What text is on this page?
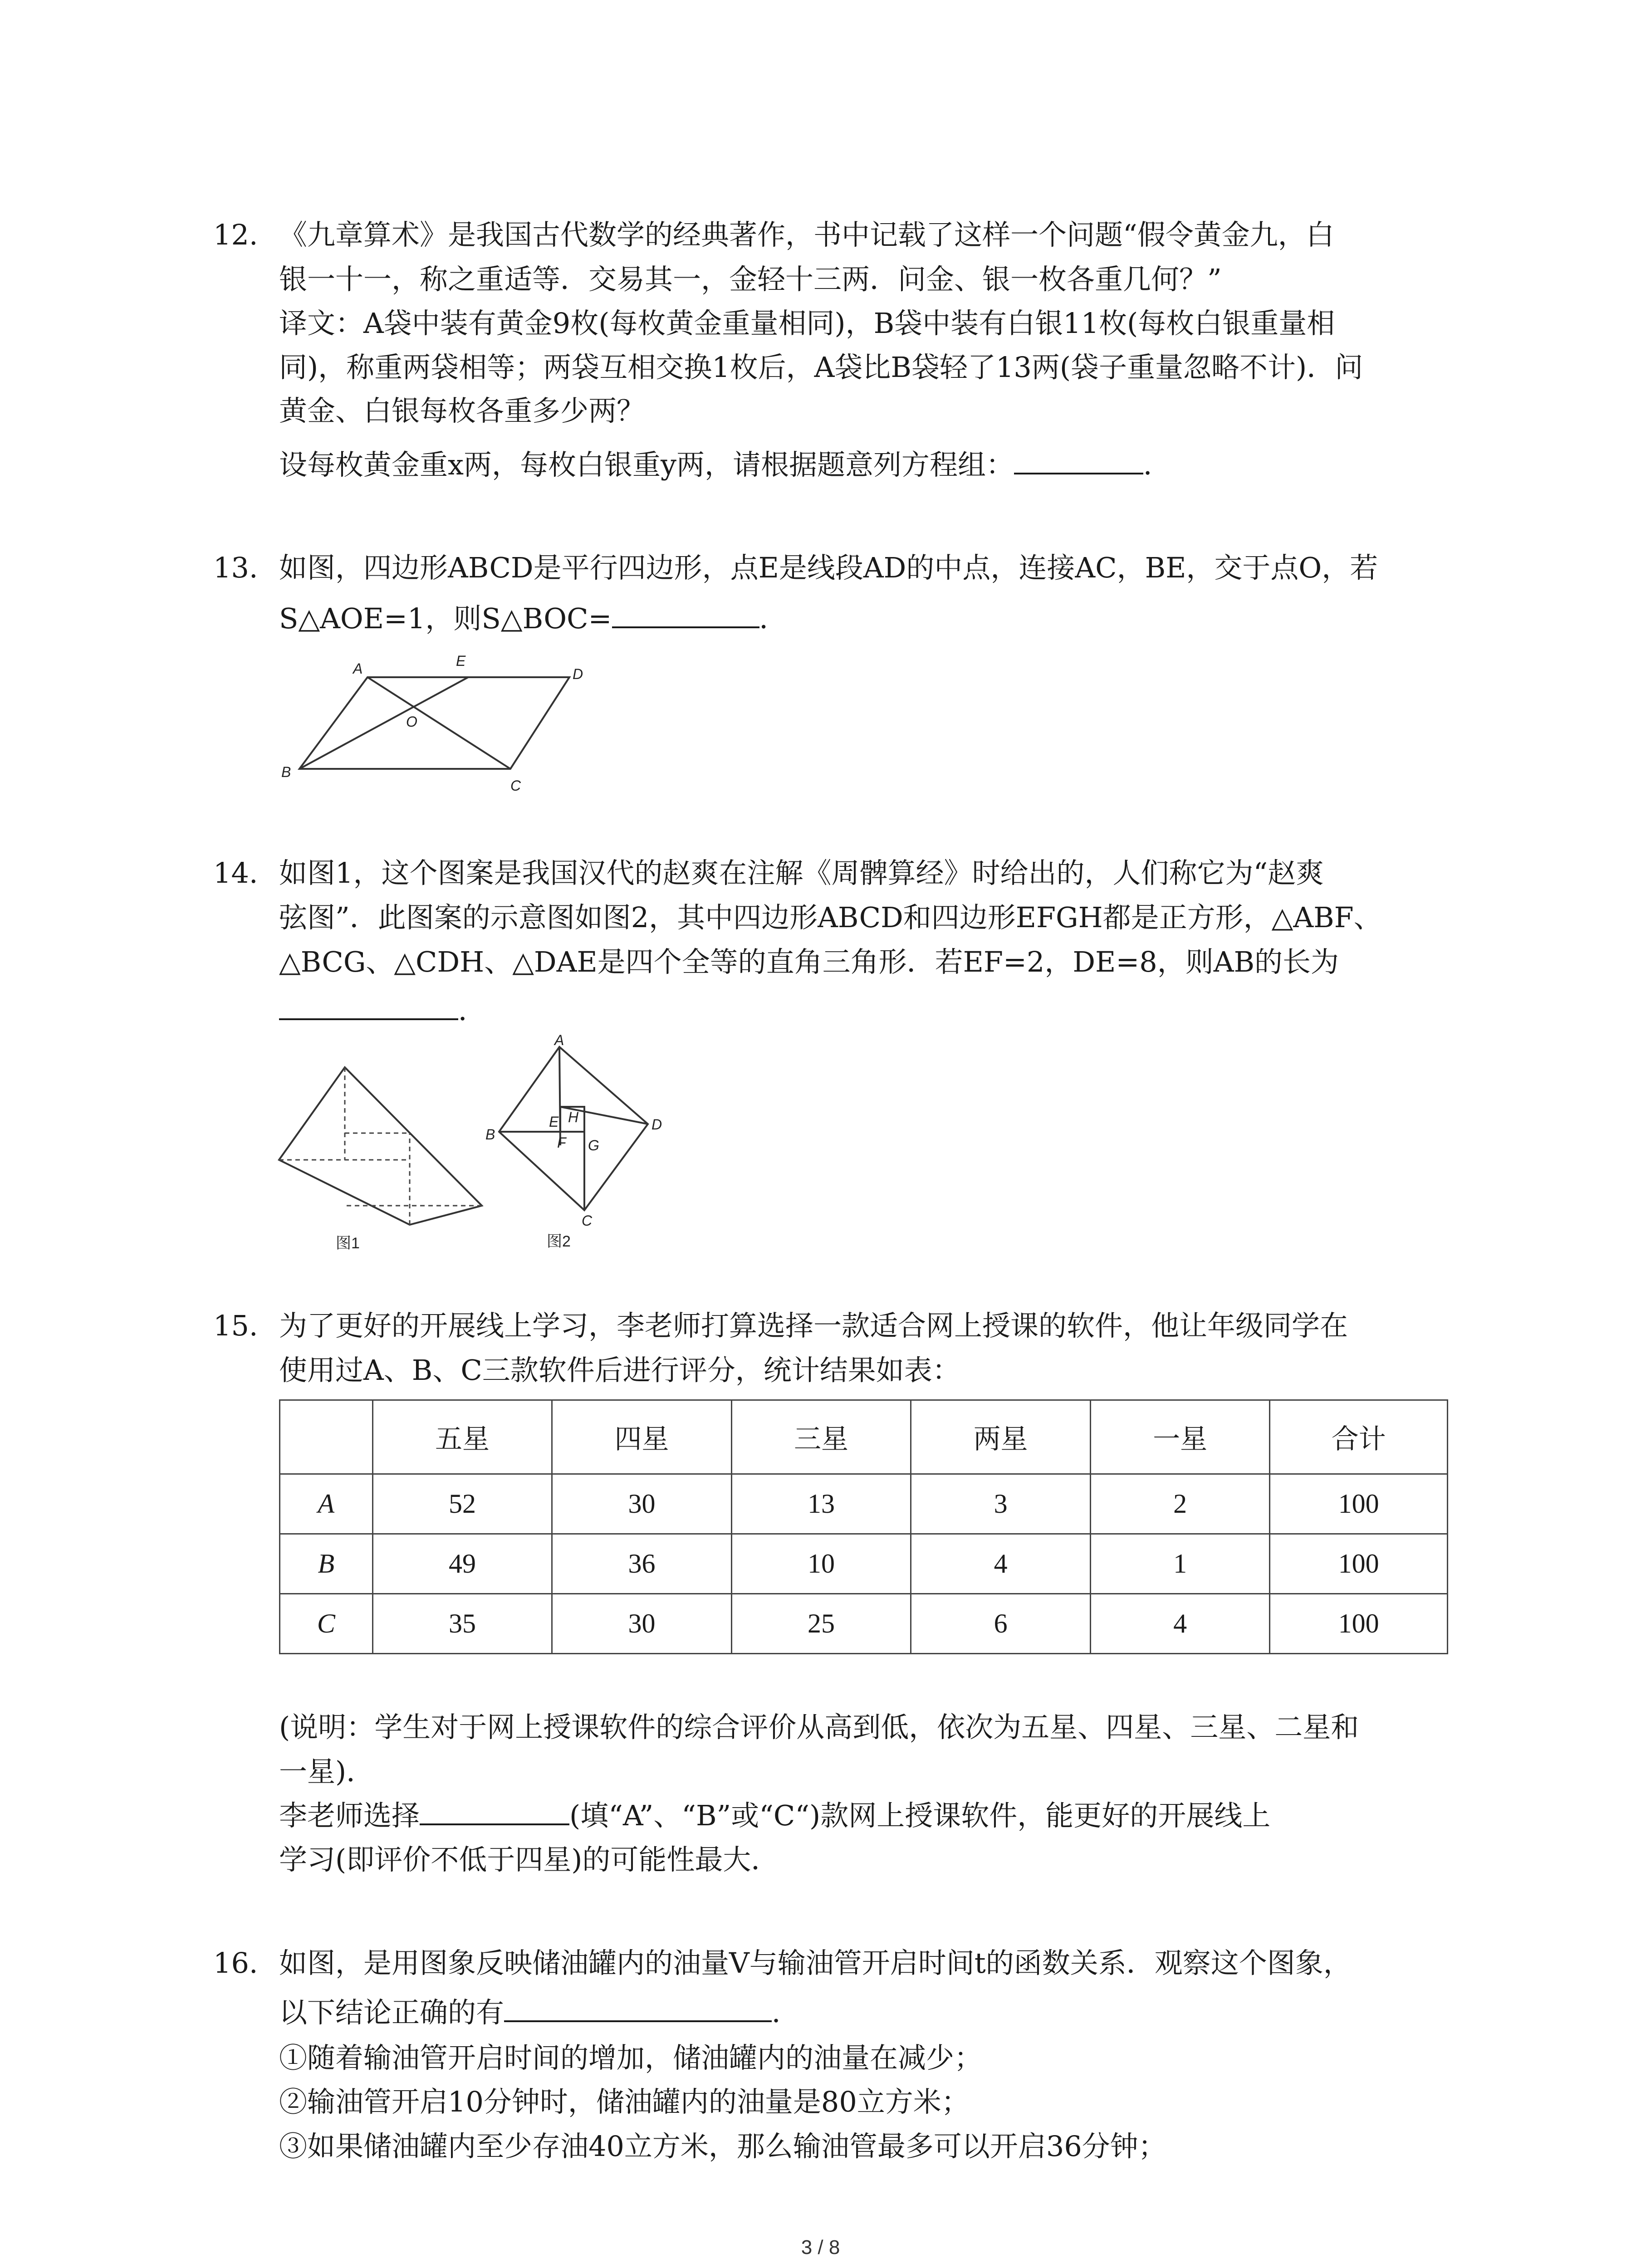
12. 《九章算术》是我国古代数学的经典著作，书中记载了这样一个问题“假令黄金九，白
银一十一，称之重适等．交易其一，金轻十三两．问金、银一枚各重几何？”
译文：A袋中装有黄金9枚(每枚黄金重量相同)，B袋中装有白银11枚(每枚白银重量相
同)，称重两袋相等；两袋互相交换1枚后，A袋比B袋轻了13两(袋子重量忽略不计)．问
黄金、白银每枚各重多少两？
设每枚黄金重x两，每枚白银重y两，请根据题意列方程组：	．
13. 如图，四边形ABCD是平行四边形，点E是线段AD的中点，连接AC，BE，交于点O，若
S△AOE=1，则S△BOC=	．
A	E
D
O
B
C
14. 如图1，这个图案是我国汉代的赵爽在注解《周髀算经》时给出的，人们称它为“赵爽
弦图”．此图案的示意图如图2，其中四边形ABCD和四边形EFGH都是正方形，△ABF、
△BCG、△CDH、△DAE是四个全等的直角三角形．若EF=2，DE=8，则AB的长为
．
图1
A
B
C
D
E
F G
H
图2
15. 为了更好的开展线上学习，李老师打算选择一款适合网上授课的软件，他让年级同学在
使用过A、B、C三款软件后进行评分，统计结果如表：
	五星	四星	三星	两星	一星	合计
A	52	30	13	3	2	100
B	49	36	10	4	1	100
C	35	30	25	6	4	100
(说明：学生对于网上授课软件的综合评价从高到低，依次为五星、四星、三星、二星和
一星)．
李老师选择	(填“A”、“B”或“C“)款网上授课软件，能更好的开展线上
学习(即评价不低于四星)的可能性最大．
16. 如图，是用图象反映储油罐内的油量V与输油管开启时间t的函数关系．观察这个图象，
以下结论正确的有	．
①随着输油管开启时间的增加，储油罐内的油量在减少；
②输油管开启10分钟时，储油罐内的油量是80立方米；
③如果储油罐内至少存油40立方米，那么输油管最多可以开启36分钟；
3 / 8
